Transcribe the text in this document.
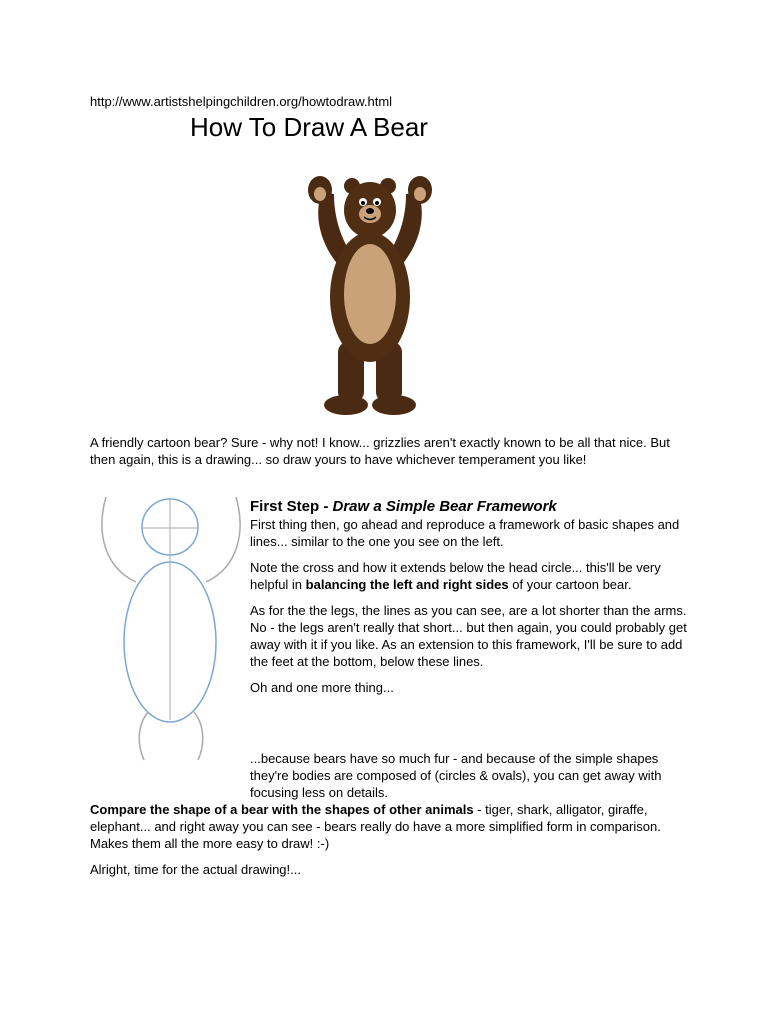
http://www.artistshelpingchildren.org/howtodraw.html
How To Draw A Bear

A friendly cartoon bear? Sure - why not! I know... grizzlies aren't exactly known to be all that nice. But then again, this is a drawing... so draw yours to have whichever temperament you like!

First Step - Draw a Simple Bear Framework

First thing then, go ahead and reproduce a framework of basic shapes and lines... similar to the one you see on the left.

Note the cross and how it extends below the head circle... this'll be very helpful in balancing the left and right sides of your cartoon bear.

As for the the legs, the lines as you can see, are a lot shorter than the arms. No - the legs aren't really that short... but then again, you could probably get away with it if you like. As an extension to this framework, I'll be sure to add the feet at the bottom, below these lines.

Oh and one more thing...

...because bears have so much fur - and because of the simple shapes they're bodies are composed of (circles & ovals), you can get away with focusing less on details.

Compare the shape of a bear with the shapes of other animals - tiger, shark, alligator, giraffe, elephant... and right away you can see - bears really do have a more simplified form in comparison. Makes them all the more easy to draw! :-)

Alright, time for the actual drawing!...
